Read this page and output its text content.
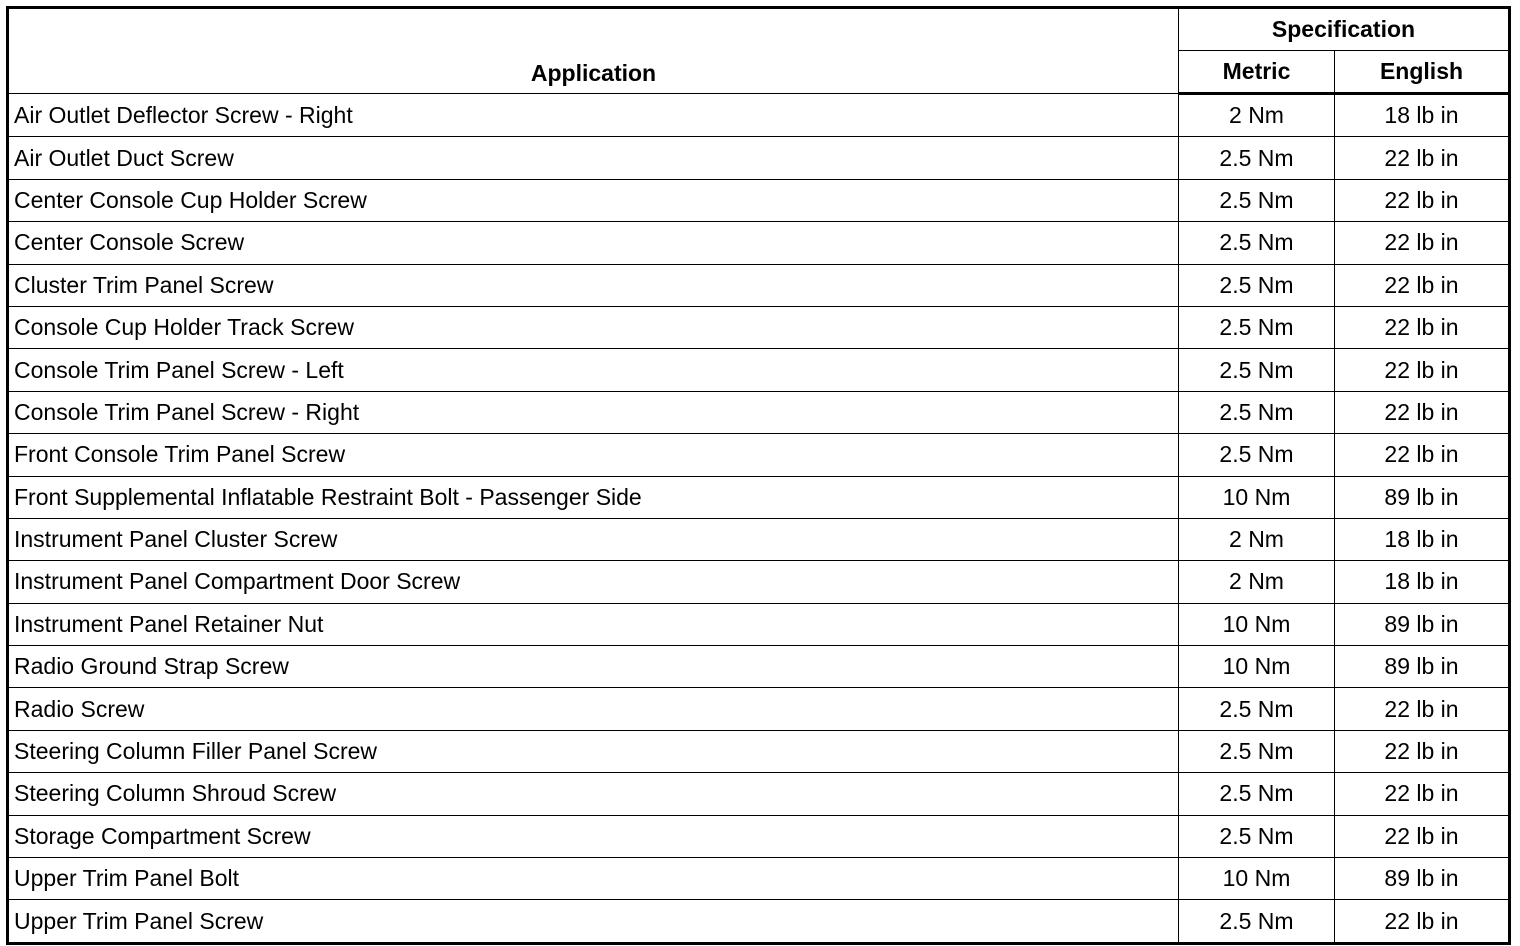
Application	Specification	
	Metric	English
Air Outlet Deflector Screw - Right	2 Nm	18 lb in
Air Outlet Duct Screw	2.5 Nm	22 lb in
Center Console Cup Holder Screw	2.5 Nm	22 lb in
Center Console Screw	2.5 Nm	22 lb in
Cluster Trim Panel Screw	2.5 Nm	22 lb in
Console Cup Holder Track Screw	2.5 Nm	22 lb in
Console Trim Panel Screw - Left	2.5 Nm	22 lb in
Console Trim Panel Screw - Right	2.5 Nm	22 lb in
Front Console Trim Panel Screw	2.5 Nm	22 lb in
Front Supplemental Inflatable Restraint Bolt - Passenger Side	10 Nm	89 lb in
Instrument Panel Cluster Screw	2 Nm	18 lb in
Instrument Panel Compartment Door Screw	2 Nm	18 lb in
Instrument Panel Retainer Nut	10 Nm	89 lb in
Radio Ground Strap Screw	10 Nm	89 lb in
Radio Screw	2.5 Nm	22 lb in
Steering Column Filler Panel Screw	2.5 Nm	22 lb in
Steering Column Shroud Screw	2.5 Nm	22 lb in
Storage Compartment Screw	2.5 Nm	22 lb in
Upper Trim Panel Bolt	10 Nm	89 lb in
Upper Trim Panel Screw	2.5 Nm	22 lb in
